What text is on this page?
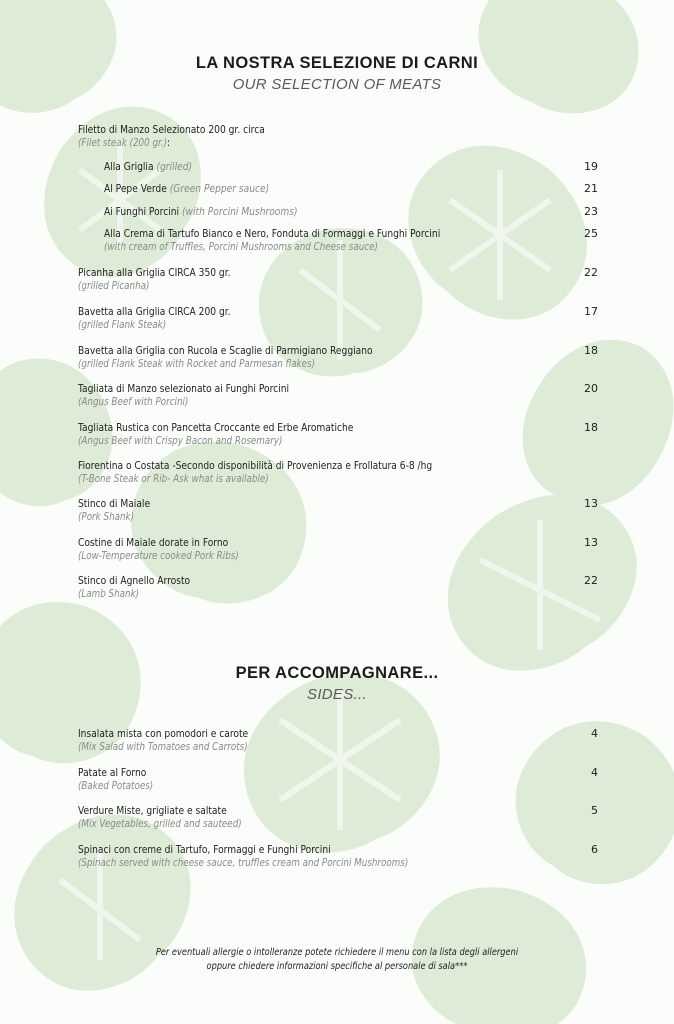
LA NOSTRA SELEZIONE DI CARNI
OUR SELECTION OF MEATS
Filetto di Manzo Selezionato 200 gr. circa
(Filet steak (200 gr.):
Alla Griglia (grilled)	19
Al Pepe Verde (Green Pepper sauce)	21
Ai Funghi Porcini (with Porcini Mushrooms)	23
Alla Crema di Tartufo Bianco e Nero, Fonduta di Formaggi e Funghi Porcini
(with cream of Truffles, Porcini Mushrooms and Cheese sauce)
25
Picanha alla Griglia CIRCA 350 gr.
(grilled Picanha)
22
Bavetta alla Griglia CIRCA 200 gr.
(grilled Flank Steak)
17
Bavetta alla Griglia con Rucola e Scaglie di Parmigiano Reggiano
(grilled Flank Steak with Rocket and Parmesan flakes)
18
Tagliata di Manzo selezionato ai Funghi Porcini
(Angus Beef with Porcini)
20
Tagliata Rustica con Pancetta Croccante ed Erbe Aromatiche
(Angus Beef with Crispy Bacon and Rosemary)
18
Fiorentina o Costata -Secondo disponibilità di Provenienza e Frollatura 6-8 /hg
(T-Bone Steak or Rib- Ask what is available)
Stinco di Maiale
(Pork Shank)
13
Costine di Maiale dorate in Forno
(Low-Temperature cooked Pork Ribs)
13
Stinco di Agnello Arrosto
(Lamb Shank)
22
PER ACCOMPAGNARE...
SIDES...
Insalata mista con pomodori e carote
(Mix Salad with Tomatoes and Carrots)
4
Patate al Forno
(Baked Potatoes)
4
Verdure Miste, grigliate e saltate
(Mix Vegetables, grilled and sauteed)
5
Spinaci con creme di Tartufo, Formaggi e Funghi Porcini
(Spinach served with cheese sauce, truffles cream and Porcini Mushrooms)
6
Per eventuali allergie o intolleranze potete richiedere il menu con la lista degli allergeni
oppure chiedere informazioni specifiche al personale di sala***
